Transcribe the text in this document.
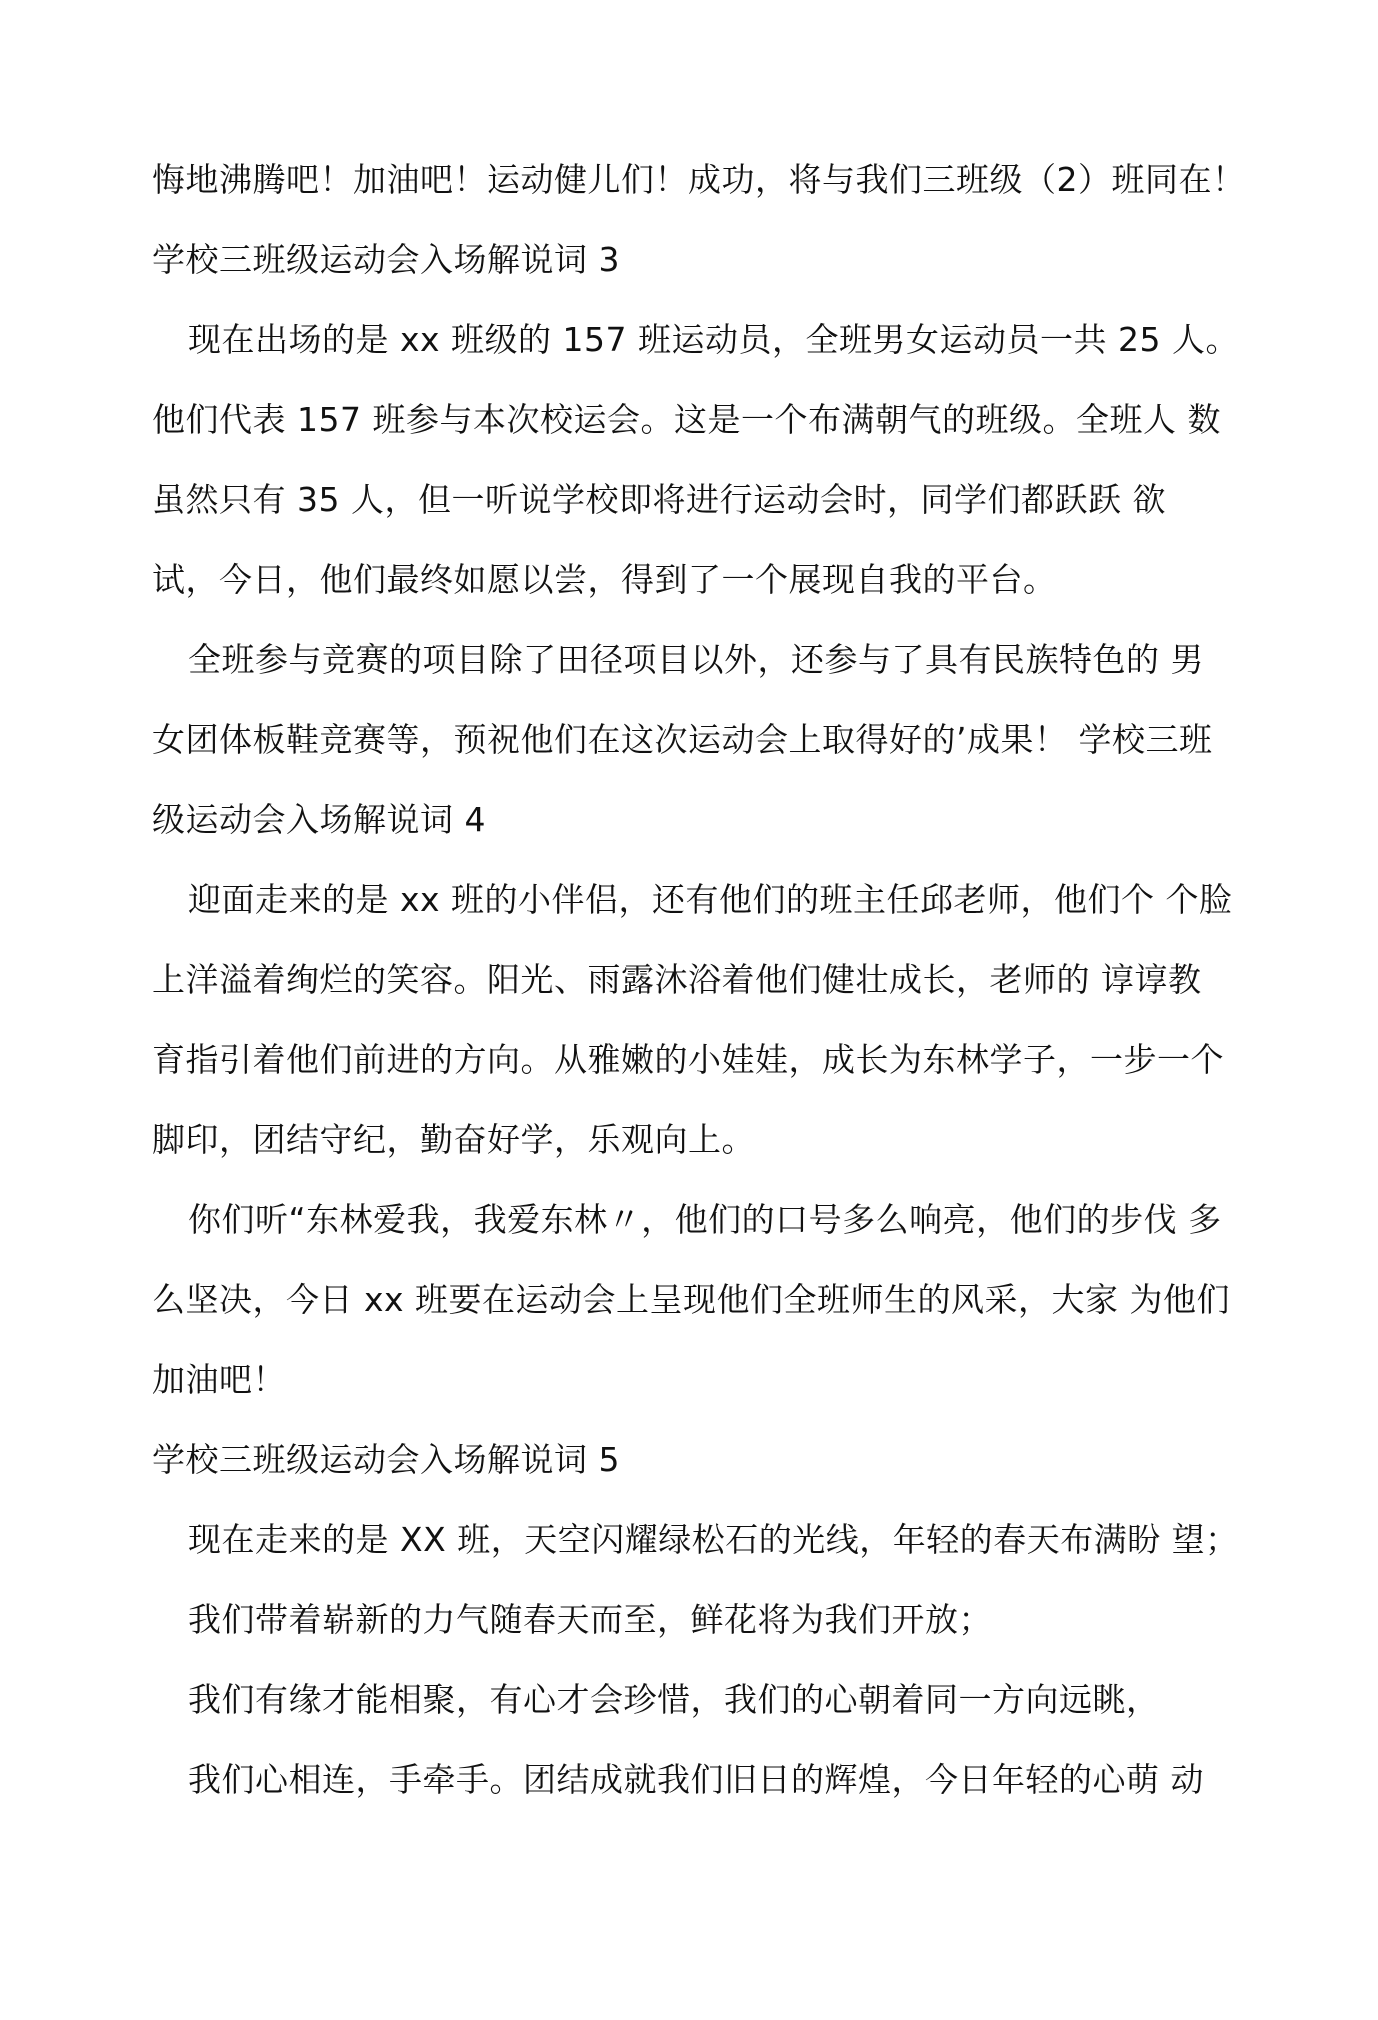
悔地沸腾吧！加油吧！运动健儿们！成功，将与我们三班级（2）班同在！
学校三班级运动会入场解说词 3
现在出场的是 xx 班级的 157 班运动员，全班男女运动员一共 25 人。
他们代表 157 班参与本次校运会。这是一个布满朝气的班级。全班人 数
虽然只有 35 人，但一听说学校即将进行运动会时，同学们都跃跃 欲
试，今日，他们最终如愿以尝，得到了一个展现自我的平台。
全班参与竞赛的项目除了田径项目以外，还参与了具有民族特色的 男
女团体板鞋竞赛等，预祝他们在这次运动会上取得好的’成果！ 学校三班
级运动会入场解说词 4
迎面走来的是 xx 班的小伴侣，还有他们的班主任邱老师，他们个 个脸
上洋溢着绚烂的笑容。阳光、雨露沐浴着他们健壮成长，老师的 谆谆教
育指引着他们前进的方向。从雅嫩的小娃娃，成长为东林学子，一步一个
脚印，团结守纪，勤奋好学，乐观向上。
你们听“东林爱我，我爱东林〃，他们的口号多么响亮，他们的步伐 多
么坚决，今日 xx 班要在运动会上呈现他们全班师生的风采，大家 为他们
加油吧！
学校三班级运动会入场解说词 5
现在走来的是 XX 班，天空闪耀绿松石的光线，年轻的春天布满盼 望；
我们带着崭新的力气随春天而至，鲜花将为我们开放；
我们有缘才能相聚，有心才会珍惜，我们的心朝着同一方向远眺，
我们心相连，手牵手。团结成就我们旧日的辉煌，今日年轻的心萌 动
